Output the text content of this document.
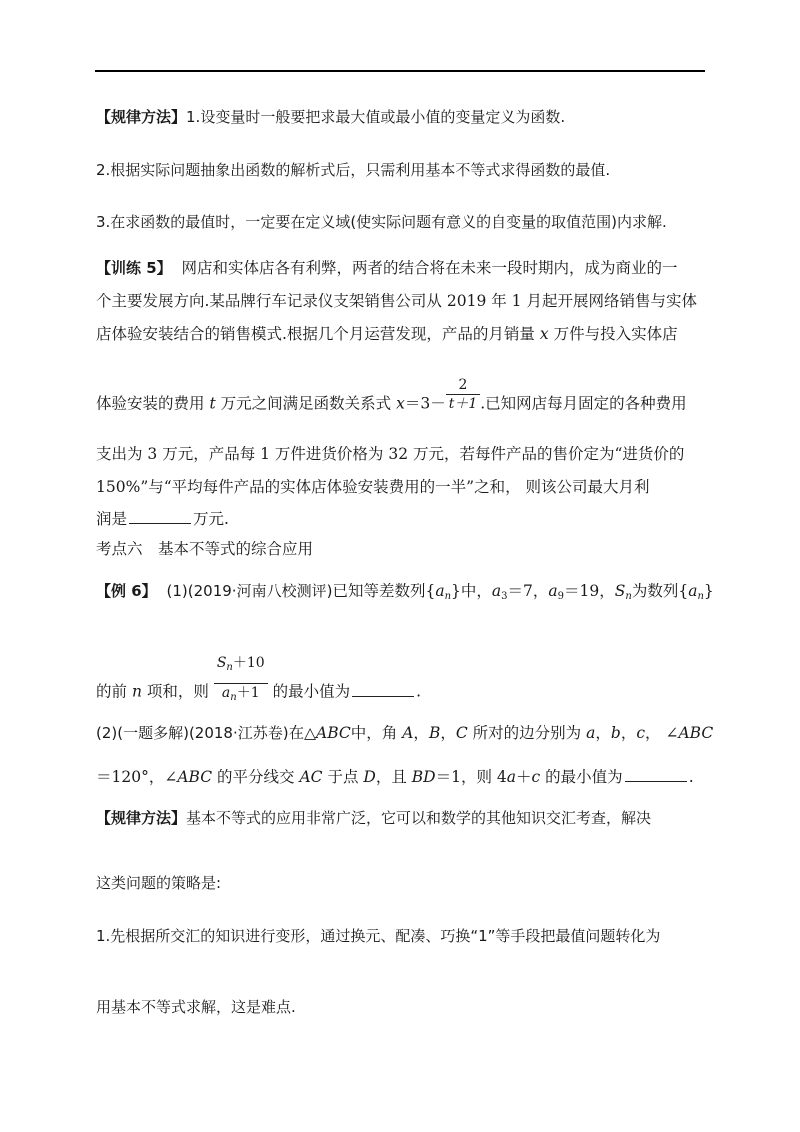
【规律方法】1.设变量时一般要把求最大值或最小值的变量定义为函数.
2.根据实际问题抽象出函数的解析式后，只需利用基本不等式求得函数的最值.
3.在求函数的最值时，一定要在定义域(使实际问题有意义的自变量的取值范围)内求解.
【训练 5】 网店和实体店各有利弊，两者的结合将在未来一段时期内，成为商业的一
个主要发展方向.某品牌行车记录仪支架销售公司从 2019 年 1 月起开展网络销售与实体
店体验安装结合的销售模式.根据几个月运营发现，产品的月销量 x 万件与投入实体店
体验安装的费用 t 万元之间满足函数关系式 $x=3- \frac{2}{t+1}$ .已知网店每月固定的各种费用
支出为 3 万元，产品每 1 万件进货价格为 32 万元，若每件产品的售价定为“进货价的
150%”与“平均每件产品的实体店体验安装费用的一半”之和， 则该公司最大月利
润是	万元.
考点六　基本不等式的综合应用
【例 6】 (1)(2019·河南八校测评)已知等差数列$\{a_n\}$中，$a_3=7$，$a_9=19$，$S_n$为数列$\{a_n\}$
的前 n 项和，则 $\frac{S_n+10}{a_n+1}$ 的最小值为	.
(2)(一题多解)(2018·江苏卷)在△ABC中，角 A，B，C 所对的边分别为 a，b，c， ∠ABC
＝120°，∠ABC 的平分线交 AC 于点 D，且 BD＝1，则 4a＋c 的最小值为	.
【规律方法】基本不等式的应用非常广泛，它可以和数学的其他知识交汇考查，解决
这类问题的策略是:
1.先根据所交汇的知识进行变形，通过换元、配凑、巧换“1”等手段把最值问题转化为
用基本不等式求解，这是难点.
